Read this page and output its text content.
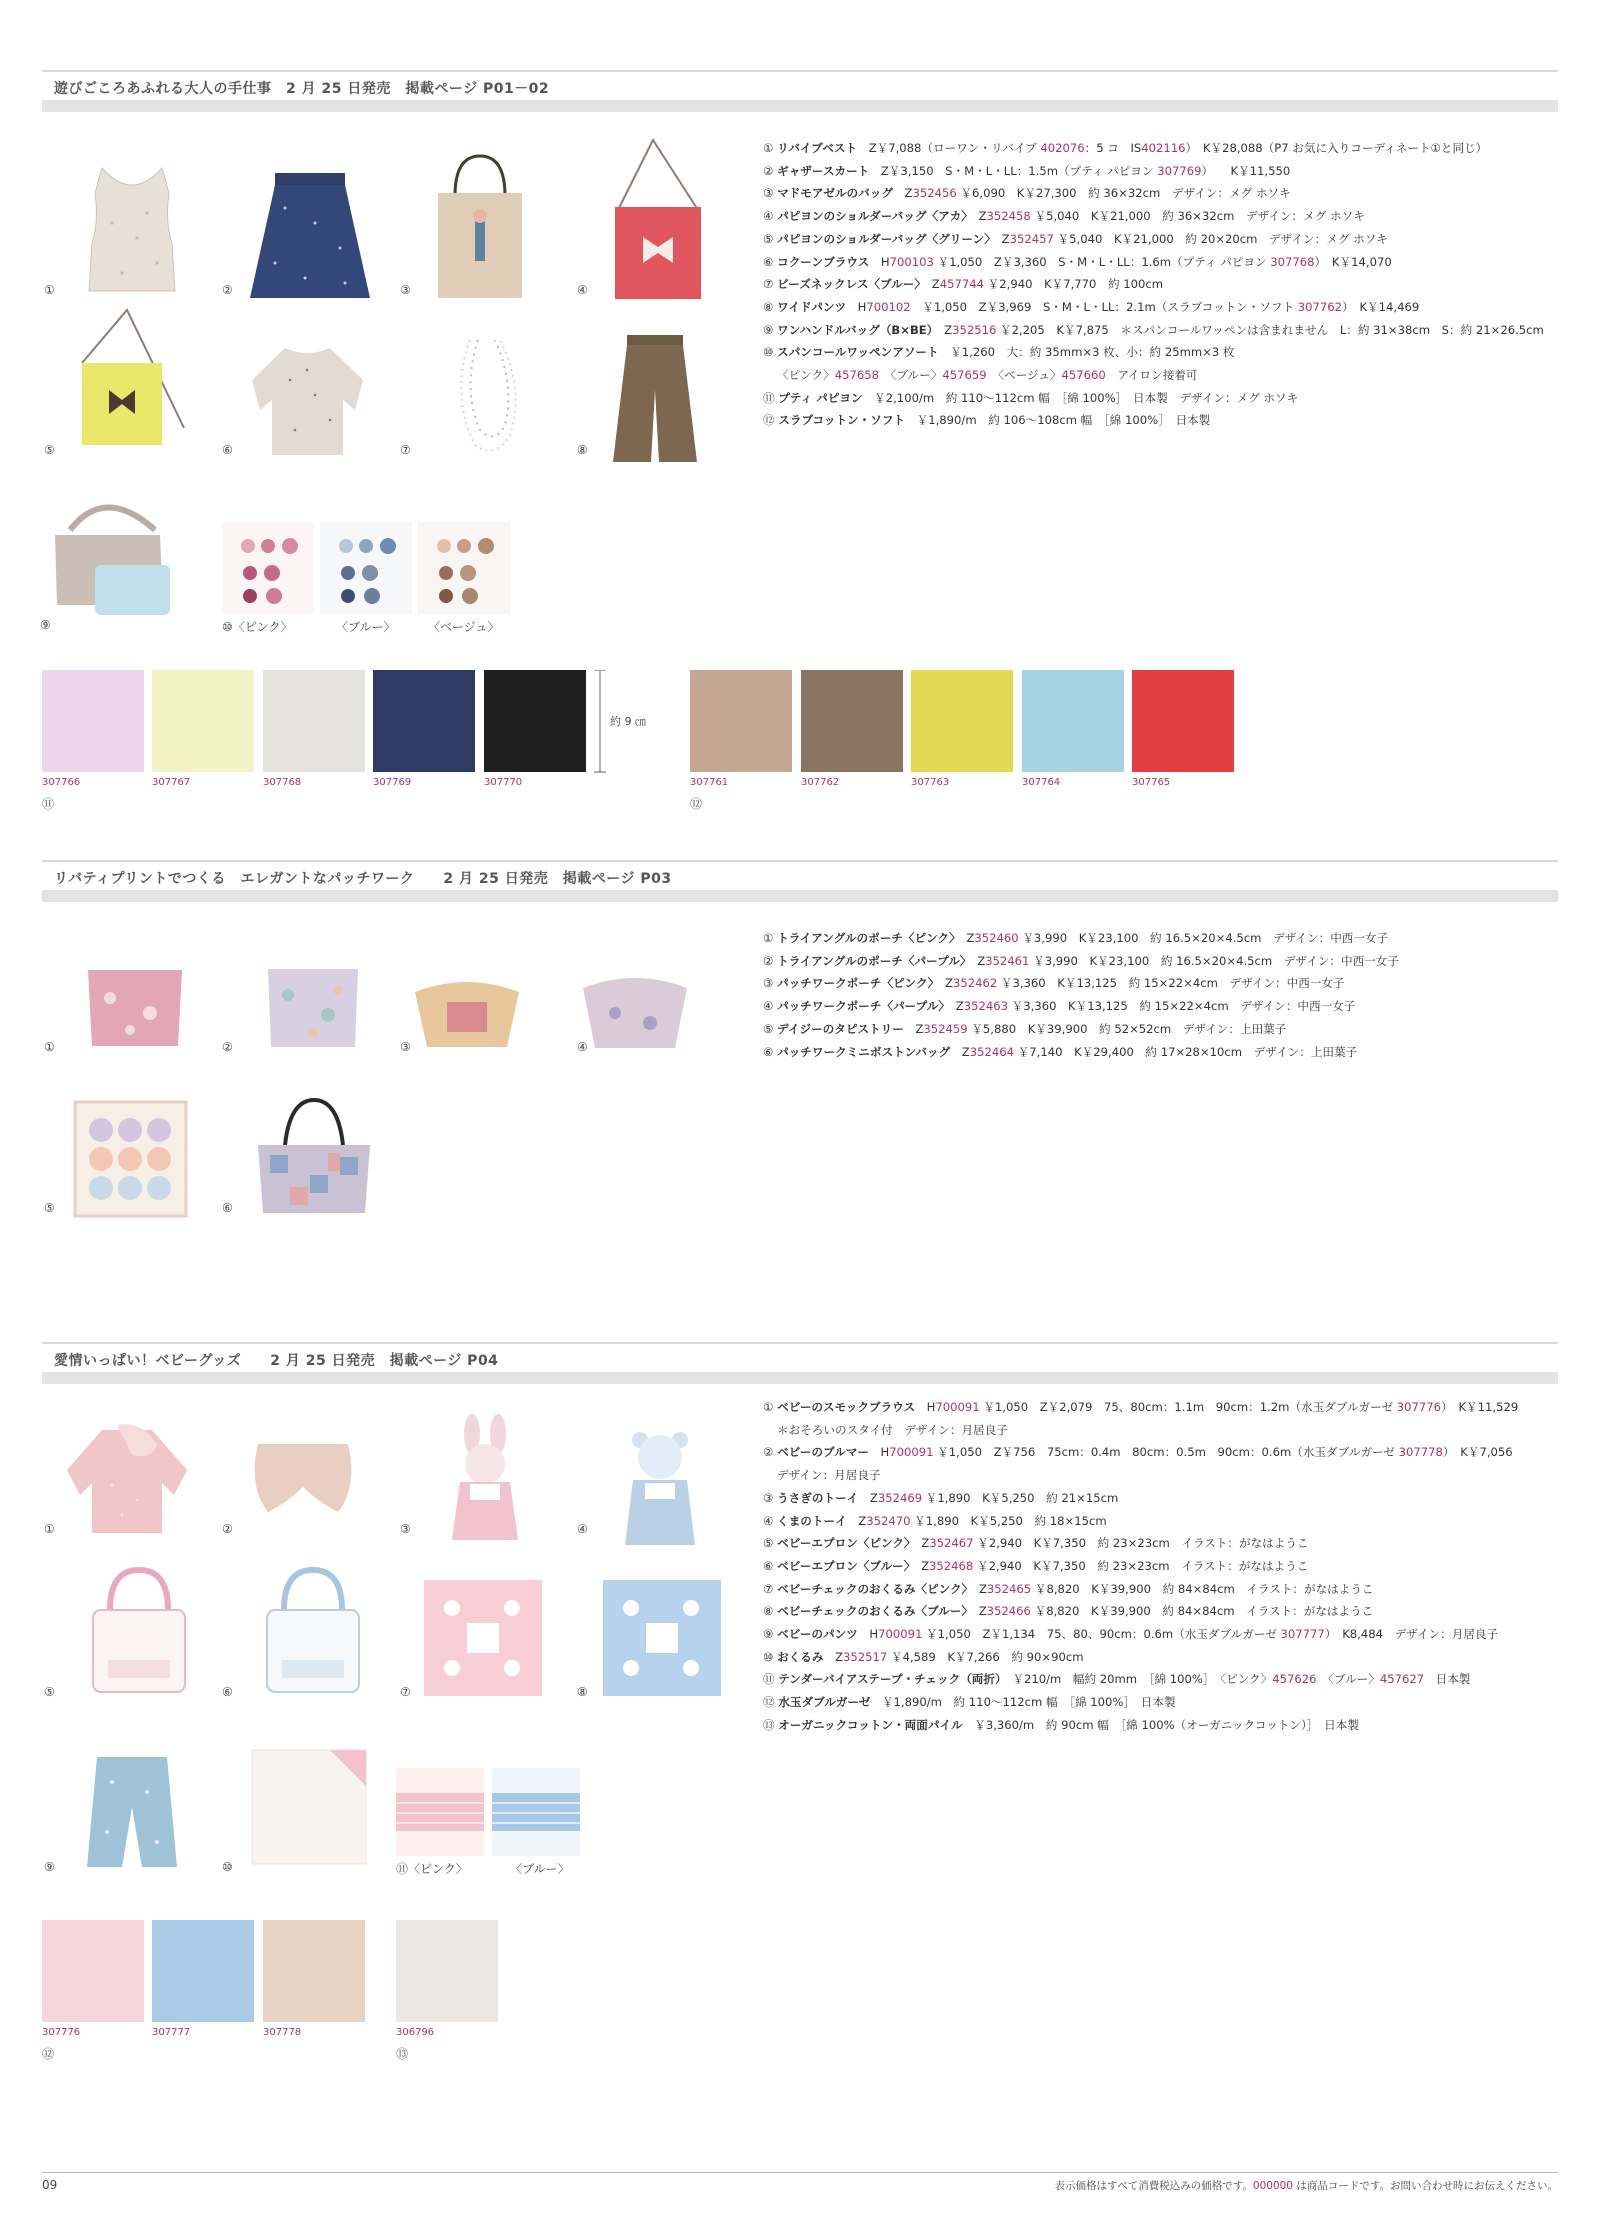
遊びごころあふれる大人の手仕事　2 月 25 日発売　掲載ページ P01－02
①	②	③	④
⑤	⑥	⑦	⑧
⑨	⑩〈ピンク〉	〈ブルー〉	〈ベージュ〉
約 9 ㎝
307766	307767	307768	307769	307770
⑪
307761	307762	307763	307764	307765
⑫
① リバイブベスト　Z￥7,088（ローワン・リバイブ 402076：5 コ　IS402116）　K￥28,088（P7 お気に入りコーディネート①と同じ）
② ギャザースカート　Z￥3,150　S・M・L・LL：1.5m（プティ パピヨン 307769）　　K￥11,550
③ マドモアゼルのバッグ　Z352456 ￥6,090　K￥27,300　約 36×32cm　デザイン：メグ ホソキ
④ パピヨンのショルダーバッグ〈アカ〉　Z352458 ￥5,040　K￥21,000　約 36×32cm　デザイン：メグ ホソキ
⑤ パピヨンのショルダーバッグ〈グリーン〉　Z352457 ￥5,040　K￥21,000　約 20×20cm　デザイン：メグ ホソキ
⑥ コクーンブラウス　H700103 ￥1,050　Z￥3,360　S・M・L・LL：1.6m（プティ パピヨン 307768）　K￥14,070
⑦ ビーズネックレス〈ブルー〉　Z457744 ￥2,940　K￥7,770　約 100cm
⑧ ワイドパンツ　H700102　￥1,050　Z￥3,969　S・M・L・LL：2.1m（スラブコットン・ソフト 307762）　K￥14,469
⑨ ワンハンドルバッグ（B×BE）　Z352516 ￥2,205　K￥7,875　＊スパンコールワッペンは含まれません　L：約 31×38cm　S：約 21×26.5cm
⑩ スパンコールワッペンアソート　￥1,260　大：約 35mm×3 枚、小：約 25mm×3 枚
〈ピンク〉457658　〈ブルー〉457659　〈ベージュ〉457660　アイロン接着可
⑪ プティ パピヨン　￥2,100/m　約 110～112cm 幅　［綿 100%］　日本製　デザイン：メグ ホソキ
⑫ スラブコットン・ソフト　￥1,890/m　約 106～108cm 幅　［綿 100%］　日本製
リバティプリントでつくる　エレガントなパッチワーク　　2 月 25 日発売　掲載ページ P03
①	②	③	④
⑤	⑥
① トライアングルのポーチ〈ピンク〉　Z352460 ￥3,990　K￥23,100　約 16.5×20×4.5cm　デザイン：中西一女子
② トライアングルのポーチ〈パープル〉　Z352461 ￥3,990　K￥23,100　約 16.5×20×4.5cm　デザイン：中西一女子
③ パッチワークポーチ〈ピンク〉　Z352462 ￥3,360　K￥13,125　約 15×22×4cm　デザイン：中西一女子
④ パッチワークポーチ〈パープル〉　Z352463 ￥3,360　K￥13,125　約 15×22×4cm　デザイン：中西一女子
⑤ デイジーのタピストリー　Z352459 ￥5,880　K￥39,900　約 52×52cm　デザイン：上田葉子
⑥ パッチワークミニボストンバッグ　Z352464 ￥7,140　K￥29,400　約 17×28×10cm　デザイン：上田葉子
愛情いっぱい！ベビーグッズ　　2 月 25 日発売　掲載ページ P04
①	②	③	④
⑤	⑥	⑦	⑧
⑨	⑩	⑪〈ピンク〉	〈ブルー〉
307776	307777	307778	306796
⑫	⑬
① ベビーのスモックブラウス　H700091 ￥1,050　Z￥2,079　75、80cm：1.1m　90cm：1.2m（水玉ダブルガーゼ 307776）　K￥11,529
＊おそろいのスタイ付　デザイン：月居良子
② ベビーのブルマー　H700091 ￥1,050　Z￥756　75cm：0.4m　80cm：0.5m　90cm：0.6m（水玉ダブルガーゼ 307778）　K￥7,056
デザイン：月居良子
③ うさぎのトーイ　Z352469 ￥1,890　K￥5,250　約 21×15cm
④ くまのトーイ　Z352470 ￥1,890　K￥5,250　約 18×15cm
⑤ ベビーエプロン〈ピンク〉　Z352467 ￥2,940　K￥7,350　約 23×23cm　イラスト：がなはようこ
⑥ ベビーエプロン〈ブルー〉　Z352468 ￥2,940　K￥7,350　約 23×23cm　イラスト：がなはようこ
⑦ ベビーチェックのおくるみ〈ピンク〉　Z352465 ￥8,820　K￥39,900　約 84×84cm　イラスト：がなはようこ
⑧ ベビーチェックのおくるみ〈ブルー〉　Z352466 ￥8,820　K￥39,900　約 84×84cm　イラスト：がなはようこ
⑨ ベビーのパンツ　H700091 ￥1,050　Z￥1,134　75、80、90cm：0.6m（水玉ダブルガーゼ 307777）　K8,484　デザイン：月居良子
⑩ おくるみ　Z352517 ￥4,589　K￥7,266　約 90×90cm
⑪ テンダーバイアステープ・チェック（両折）　￥210/m　幅約 20mm　［綿 100%］　〈ピンク〉457626　〈ブルー〉457627　日本製
⑫ 水玉ダブルガーゼ　￥1,890/m　約 110～112cm 幅　［綿 100%］　日本製
⑬ オーガニックコットン・両面パイル　￥3,360/m　約 90cm 幅　［綿 100%（オーガニックコットン）］　日本製
09	表示価格はすべて消費税込みの価格です。000000 は商品コードです。お問い合わせ時にお伝えください。
